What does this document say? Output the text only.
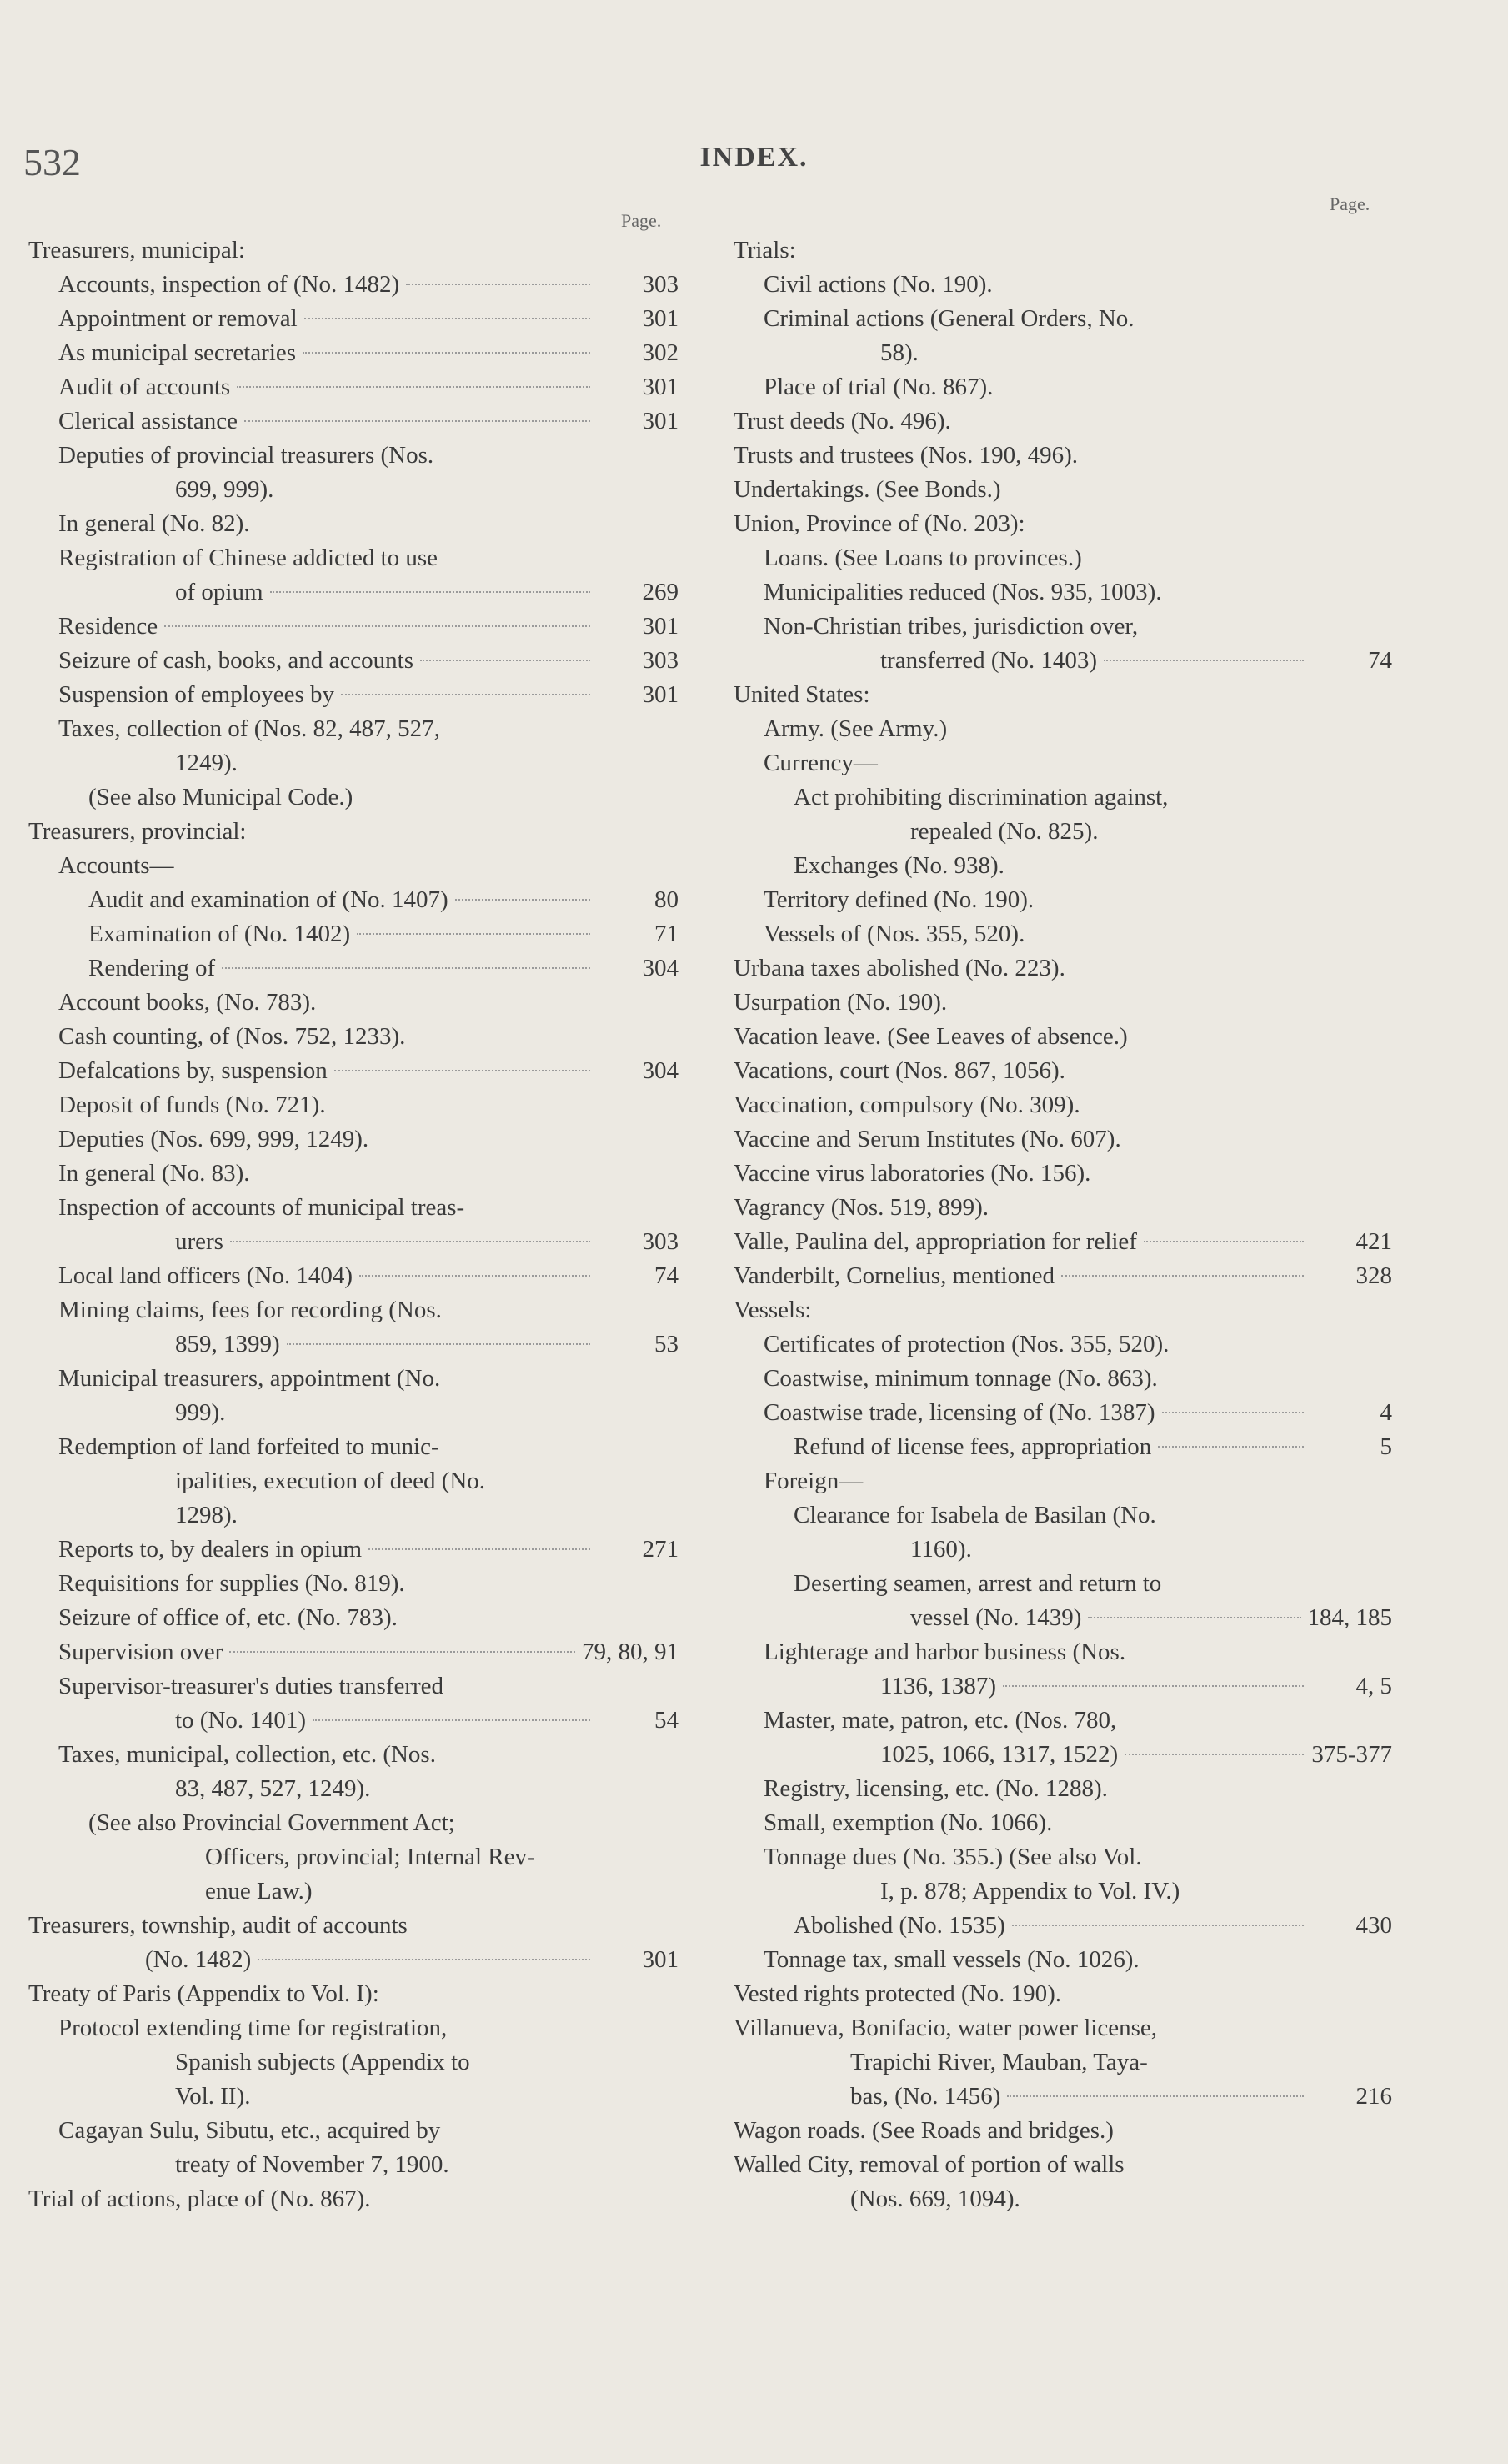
532	INDEX.
Page.
Page.
Treasurers, municipal:
Accounts, inspection of (No. 1482)	303
Appointment or removal	301
As municipal secretaries	302
Audit of accounts	301
Clerical assistance	301
Deputies of provincial treasurers (Nos.
699, 999).
In general (No. 82).
Registration of Chinese addicted to use
of opium	269
Residence	301
Seizure of cash, books, and accounts	303
Suspension of employees by	301
Taxes, collection of (Nos. 82, 487, 527,
1249).
(See also Municipal Code.)
Treasurers, provincial:
Accounts—
Audit and examination of (No. 1407)	80
Examination of (No. 1402)	71
Rendering of	304
Account books, (No. 783).
Cash counting, of (Nos. 752, 1233).
Defalcations by, suspension	304
Deposit of funds (No. 721).
Deputies (Nos. 699, 999, 1249).
In general (No. 83).
Inspection of accounts of municipal treas-
urers	303
Local land officers (No. 1404)	74
Mining claims, fees for recording (Nos.
859, 1399)	53
Municipal treasurers, appointment (No.
999).
Redemption of land forfeited to munic-
ipalities, execution of deed (No.
1298).
Reports to, by dealers in opium	271
Requisitions for supplies (No. 819).
Seizure of office of, etc. (No. 783).
Supervision over	79, 80, 91
Supervisor-treasurer's duties transferred
to (No. 1401)	54
Taxes, municipal, collection, etc. (Nos.
83, 487, 527, 1249).
(See also Provincial Government Act;
Officers, provincial; Internal Rev-
enue Law.)
Treasurers, township, audit of accounts
(No. 1482)	301
Treaty of Paris (Appendix to Vol. I):
Protocol extending time for registration,
Spanish subjects (Appendix to
Vol. II).
Cagayan Sulu, Sibutu, etc., acquired by
treaty of November 7, 1900.
Trial of actions, place of (No. 867).
Trials:
Civil actions (No. 190).
Criminal actions (General Orders, No.
58).
Place of trial (No. 867).
Trust deeds (No. 496).
Trusts and trustees (Nos. 190, 496).
Undertakings. (See Bonds.)
Union, Province of (No. 203):
Loans. (See Loans to provinces.)
Municipalities reduced (Nos. 935, 1003).
Non-Christian tribes, jurisdiction over,
transferred (No. 1403)	74
United States:
Army. (See Army.)
Currency—
Act prohibiting discrimination against,
repealed (No. 825).
Exchanges (No. 938).
Territory defined (No. 190).
Vessels of (Nos. 355, 520).
Urbana taxes abolished (No. 223).
Usurpation (No. 190).
Vacation leave. (See Leaves of absence.)
Vacations, court (Nos. 867, 1056).
Vaccination, compulsory (No. 309).
Vaccine and Serum Institutes (No. 607).
Vaccine virus laboratories (No. 156).
Vagrancy (Nos. 519, 899).
Valle, Paulina del, appropriation for relief	421
Vanderbilt, Cornelius, mentioned	328
Vessels:
Certificates of protection (Nos. 355, 520).
Coastwise, minimum tonnage (No. 863).
Coastwise trade, licensing of (No. 1387)	4
Refund of license fees, appropriation	5
Foreign—
Clearance for Isabela de Basilan (No.
1160).
Deserting seamen, arrest and return to
vessel (No. 1439)	184, 185
Lighterage and harbor business (Nos.
1136, 1387)	4, 5
Master, mate, patron, etc. (Nos. 780,
1025, 1066, 1317, 1522)	375-377
Registry, licensing, etc. (No. 1288).
Small, exemption (No. 1066).
Tonnage dues (No. 355.) (See also Vol.
I, p. 878; Appendix to Vol. IV.)
Abolished (No. 1535)	430
Tonnage tax, small vessels (No. 1026).
Vested rights protected (No. 190).
Villanueva, Bonifacio, water power license,
Trapichi River, Mauban, Taya-
bas, (No. 1456)	216
Wagon roads. (See Roads and bridges.)
Walled City, removal of portion of walls
(Nos. 669, 1094).
